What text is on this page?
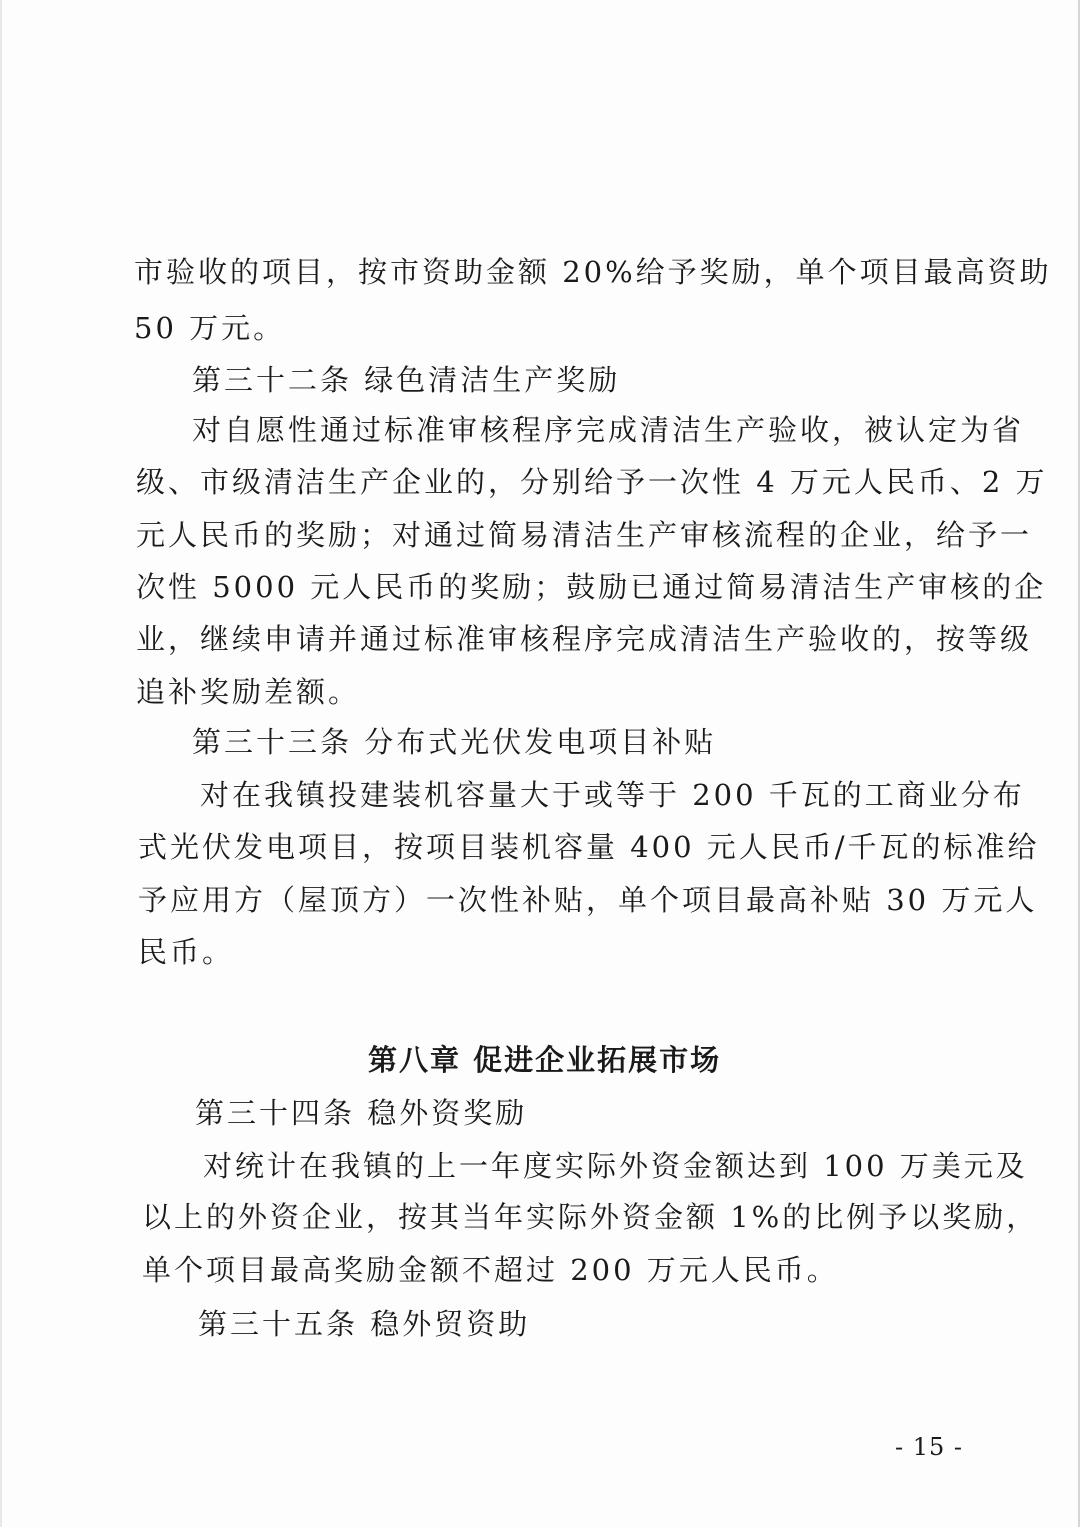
市验收的项目，按市资助金额 20%给予奖励，单个项目最高资助
50 万元。
第三十二条 绿色清洁生产奖励
对自愿性通过标准审核程序完成清洁生产验收，被认定为省
级、市级清洁生产企业的，分别给予一次性 4 万元人民币、2 万
元人民币的奖励；对通过简易清洁生产审核流程的企业，给予一
次性 5000 元人民币的奖励；鼓励已通过简易清洁生产审核的企
业，继续申请并通过标准审核程序完成清洁生产验收的，按等级
追补奖励差额。
第三十三条 分布式光伏发电项目补贴
对在我镇投建装机容量大于或等于 200 千瓦的工商业分布
式光伏发电项目，按项目装机容量 400 元人民币/千瓦的标准给
予应用方（屋顶方）一次性补贴，单个项目最高补贴 30 万元人
民币。
第八章 促进企业拓展市场
第三十四条 稳外资奖励
对统计在我镇的上一年度实际外资金额达到 100 万美元及
以上的外资企业，按其当年实际外资金额 1%的比例予以奖励，
单个项目最高奖励金额不超过 200 万元人民币。
第三十五条 稳外贸资助
- 15 -
